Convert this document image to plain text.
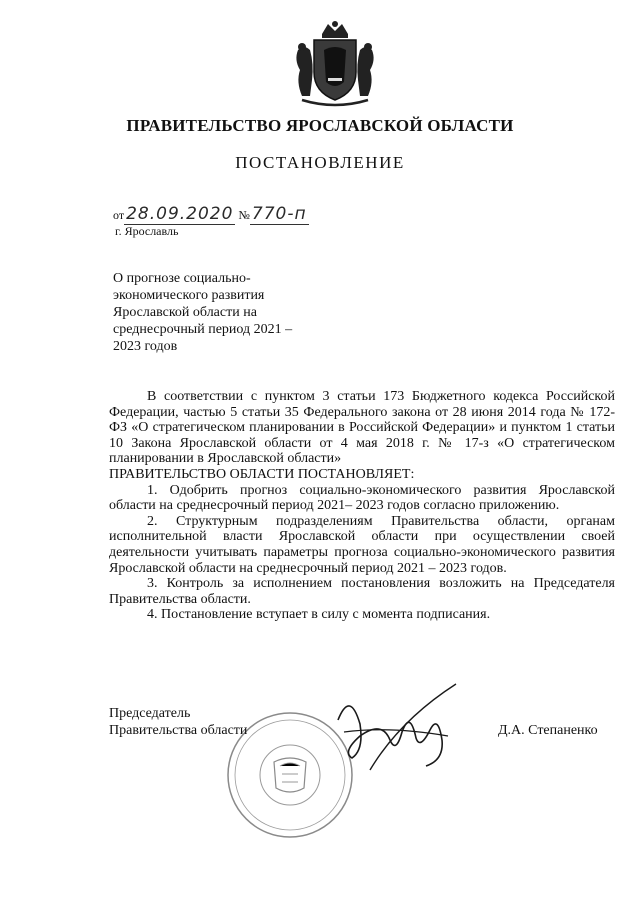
ПРАВИТЕЛЬСТВО ЯРОСЛАВСКОЙ ОБЛАСТИ
ПОСТАНОВЛЕНИЕ
от 28.09.2020 № 770-п
г. Ярославль
О прогнозе социально-экономического развития Ярославской области на среднесрочный период 2021 – 2023 годов

В соответствии с пунктом 3 статьи 173 Бюджетного кодекса Российской Федерации, частью 5 статьи 35 Федерального закона от 28 июня 2014 года № 172-ФЗ «О стратегическом планировании в Российской Федерации» и пунктом 1 статьи 10 Закона Ярославской области от 4 мая 2018 г. № 17-з «О стратегическом планировании в Ярославской области»

ПРАВИТЕЛЬСТВО ОБЛАСТИ ПОСТАНОВЛЯЕТ:

1. Одобрить прогноз социально-экономического развития Ярославской области на среднесрочный период 2021– 2023 годов согласно приложению.

2. Структурным подразделениям Правительства области, органам исполнительной власти Ярославской области при осуществлении своей деятельности учитывать параметры прогноза социально-экономического развития Ярославской области на среднесрочный период 2021 – 2023 годов.

3. Контроль за исполнением постановления возложить на Председателя Правительства области.

4. Постановление вступает в силу с момента подписания.

Председатель
Правительства области	Д.А. Степаненко
